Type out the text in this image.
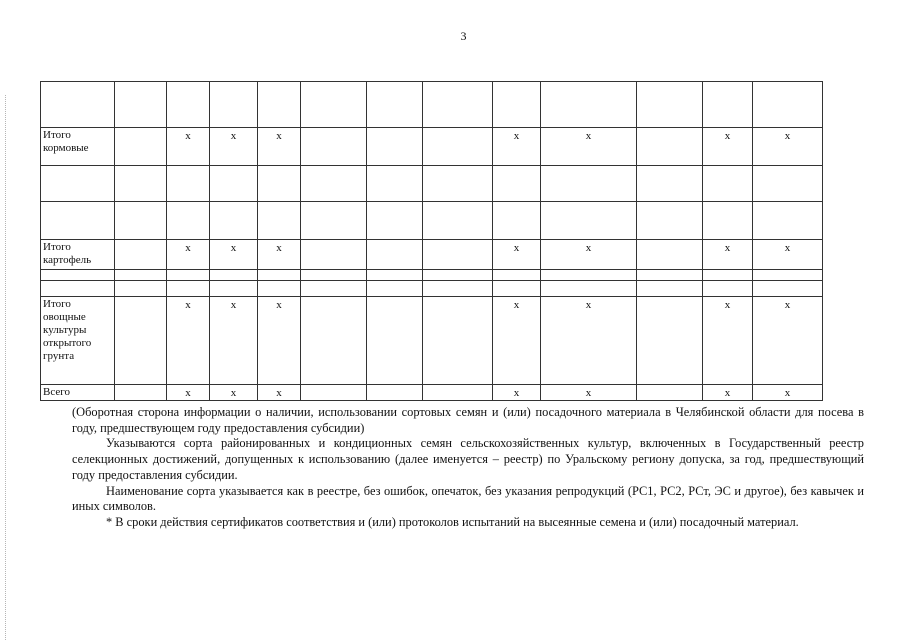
3

Итого
кормовые		x	x	x				x	x		x	x

Итого
картофель		x	x	x				x	x		x	x

Итого
овощные
культуры
открытого
грунта		x	x	x				x	x		x	x
Всего		x	x	x				x	x		x	x

(Оборотная сторона информации о наличии, использовании сортовых семян и (или) посадочного материала в Челябинской области для посева в году, предшествующем году предоставления субсидии)

Указываются сорта районированных и кондиционных семян сельскохозяйственных культур, включенных в Государственный реестр селекционных достижений, допущенных к использованию (далее именуется – реестр) по Уральскому региону допуска, за год, предшествующий году предоставления субсидии.

Наименование сорта указывается как в реестре, без ошибок, опечаток, без указания репродукций (РС1, РС2, РСт, ЭС и другое), без кавычек и иных символов.

* В сроки действия сертификатов соответствия и (или) протоколов испытаний на высеянные семена и (или) посадочный материал.
